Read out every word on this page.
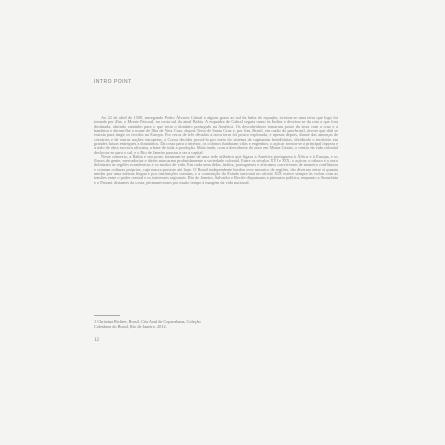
INTRO POINT

Ao 22 de abril de 1500, navegando Pedro Álvares Cabral a alguns graus ao sul da linha do equador, avistou-se uma terra que logo foi tomada por ilha, o Monte Pascoal, na costa sul da atual Bahia. A esquadra de Cabral seguia rumo às Índias e desviou-se da rota a que fora destinada, abrindo caminho para o que seria o domínio português na América. Os descobridores tomaram posse da terra com a cruz e a bandeira e deram-lhe o nome de Ilha de Vera Cruz, depois Terra de Santa Cruz e, por fim, Brasil, em razão do pau-brasil, árvore que dali se extraía para tingir os tecidos na Europa. Por cerca de três décadas a nova terra foi pouco explorada, e apenas depois, diante das ameaças de corsários e de outras nações europeias, a Coroa decidiu povoá-la por meio do sistema de capitanias hereditárias, dividindo o território em grandes faixas entregues a donatários. Da costa para o interior, os colonos fundaram vilas e engenhos; o açúcar tornou-se a principal riqueza e a mão de obra escrava africana, a base de toda a produção. Mais tarde, com a descoberta do ouro em Minas Gerais, o centro da vida colonial deslocou-se para o sul, e o Rio de Janeiro passou a ser a capital.

Neste contexto, a Bahia e seu porto tornaram-se parte de uma rede atlântica que ligava a América portuguesa à África e à Europa, e os fluxos de gente, mercadorias e ideias marcaram profundamente a sociedade colonial. Entre os séculos XVI e XIX, o açúcar, o tabaco e o ouro definiram as regiões econômicas e os modos de vida. Em cada uma delas, índios, portugueses e africanos conviveram de maneira conflituosa e criaram culturas próprias, cuja marca persiste até hoje. O Brasil independente herdou esse mosaico de regiões, tão diversas entre si quanto unidas por uma mesma língua e por instituições comuns, e a construção do Estado nacional no século XIX esteve sempre às voltas com as tensões entre o poder central e os interesses regionais. Rio de Janeiro, Salvador e Recife disputaram a primazia política, enquanto a Amazônia e o Paraná, distantes da costa, permaneceram por muito tempo à margem da vida nacional.

1 Christina Richter, Brasil, Céu Azul de Copacabana, Coleção
Coletânea do Brasil, Rio de Janeiro, 2012.
12
